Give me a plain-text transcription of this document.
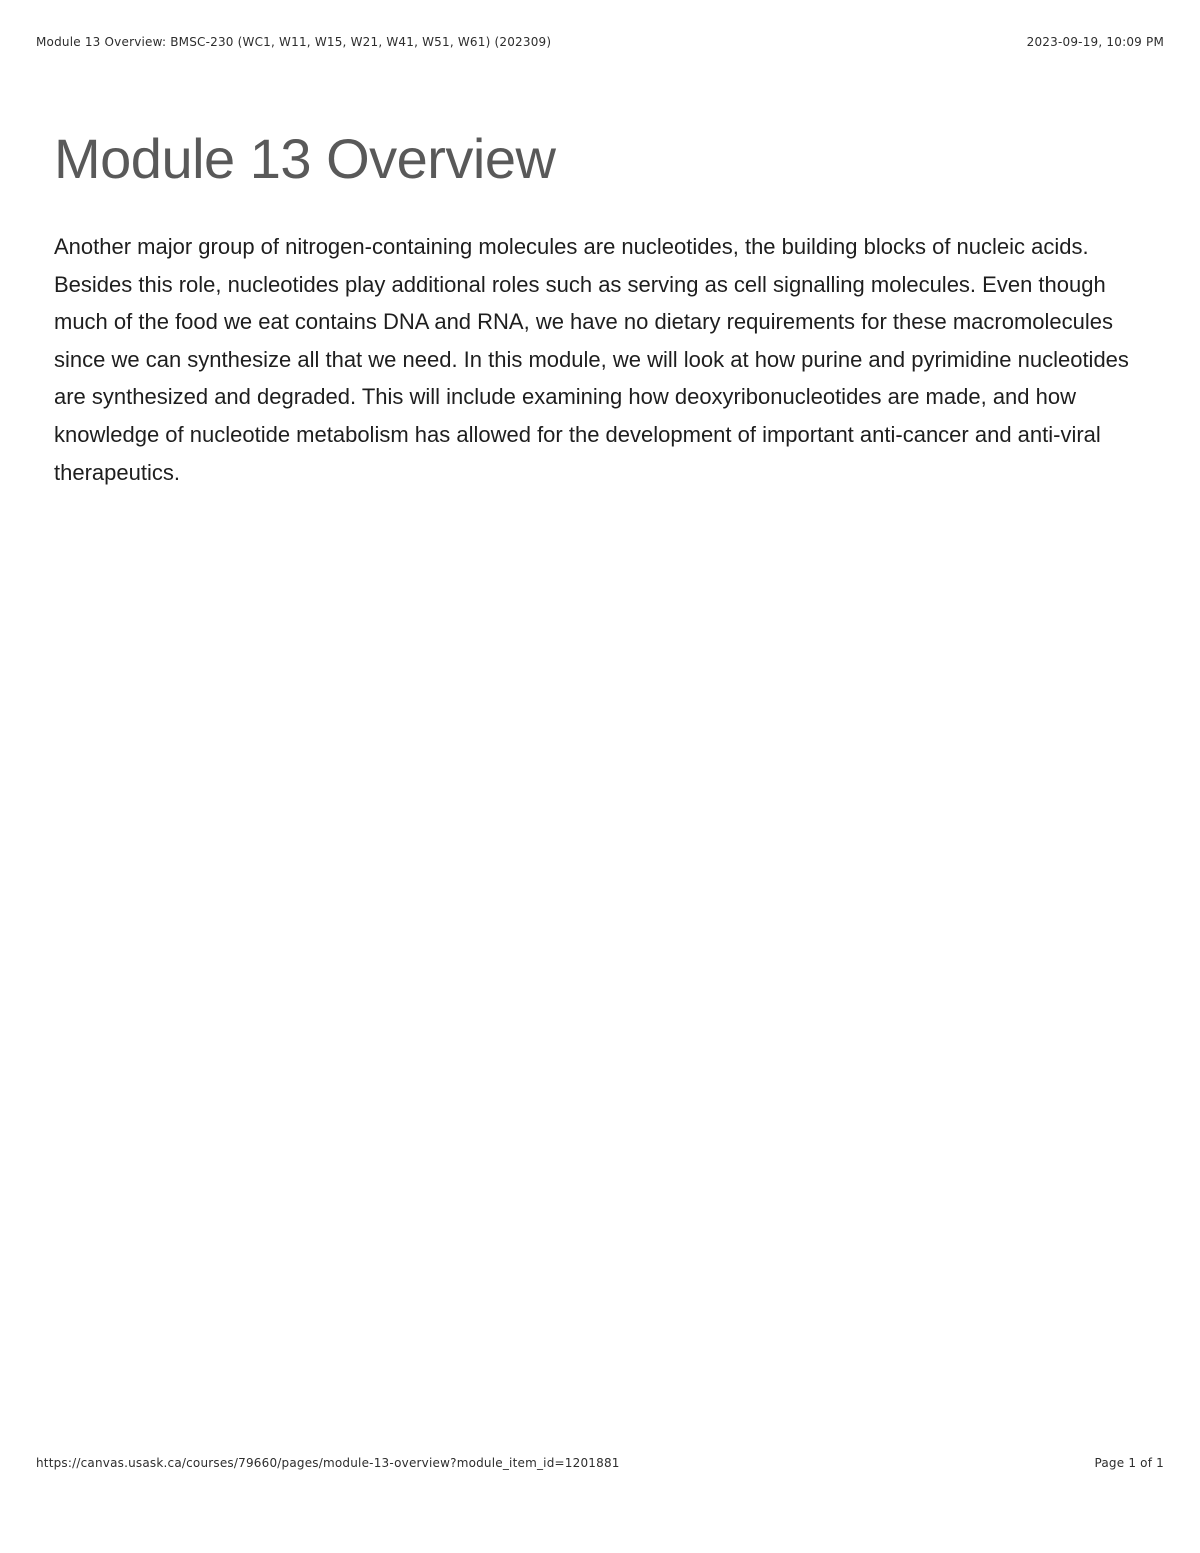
Module 13 Overview: BMSC-230 (WC1, W11, W15, W21, W41, W51, W61) (202309)	2023-09-19, 10:09 PM
Module 13 Overview

Another major group of nitrogen-containing molecules are nucleotides, the building blocks of nucleic acids. Besides this role, nucleotides play additional roles such as serving as cell signalling molecules. Even though much of the food we eat contains DNA and RNA, we have no dietary requirements for these macromolecules since we can synthesize all that we need. In this module, we will look at how purine and pyrimidine nucleotides are synthesized and degraded. This will include examining how deoxyribonucleotides are made, and how knowledge of nucleotide metabolism has allowed for the development of important anti-cancer and anti-viral therapeutics.

https://canvas.usask.ca/courses/79660/pages/module-13-overview?module_item_id=1201881	Page 1 of 1
